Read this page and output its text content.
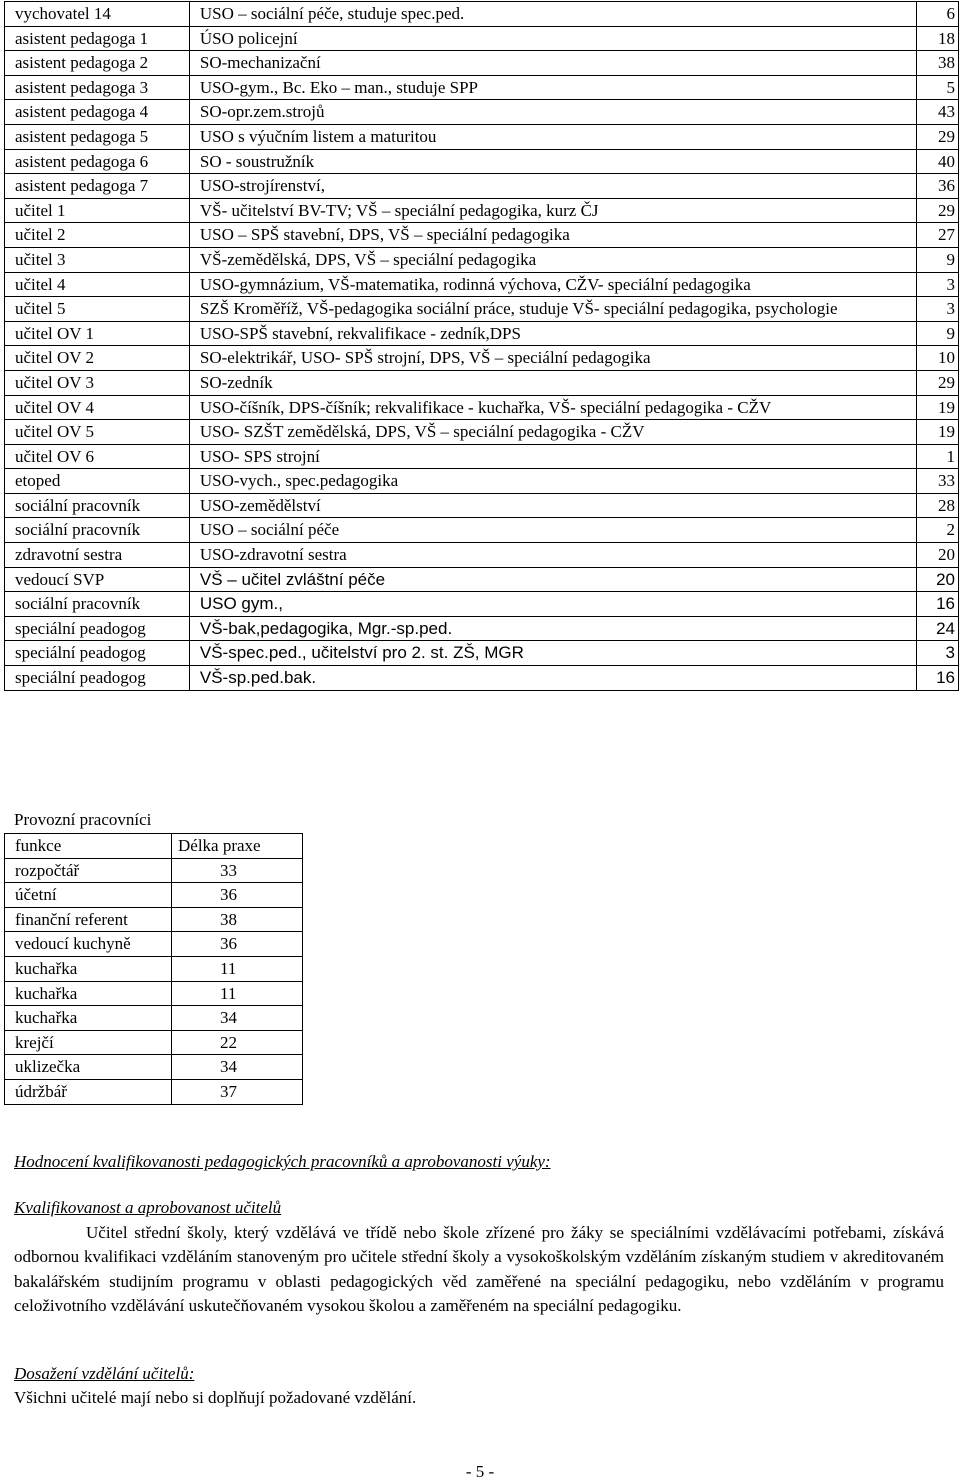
vychovatel 14	USO – sociální péče, studuje spec.ped.	6
asistent pedagoga 1	ÚSO policejní	18
asistent pedagoga 2	SO-mechanizační	38
asistent pedagoga 3	USO-gym., Bc. Eko – man., studuje SPP	5
asistent pedagoga 4	SO-opr.zem.strojů	43
asistent pedagoga 5	USO s výučním listem a maturitou	29
asistent pedagoga 6	SO - soustružník	40
asistent pedagoga 7	USO-strojírenství,	36
učitel 1	VŠ- učitelství BV-TV; VŠ – speciální pedagogika, kurz ČJ	29
učitel 2	USO – SPŠ stavební, DPS, VŠ – speciální pedagogika	27
učitel 3	VŠ-zemědělská, DPS, VŠ – speciální pedagogika	9
učitel 4	USO-gymnázium, VŠ-matematika, rodinná výchova, CŽV- speciální pedagogika	3
učitel 5	SZŠ Kroměříž, VŠ-pedagogika sociální práce, studuje VŠ- speciální pedagogika, psychologie	3
učitel OV 1	USO-SPŠ stavební, rekvalifikace - zedník,DPS	9
učitel OV 2	SO-elektrikář, USO- SPŠ strojní, DPS, VŠ – speciální pedagogika	10
učitel OV 3	SO-zedník	29
učitel OV 4	USO-číšník, DPS-číšník; rekvalifikace - kuchařka, VŠ- speciální pedagogika - CŽV	19
učitel OV 5	USO- SZŠT zemědělská, DPS, VŠ – speciální pedagogika - CŽV	19
učitel OV 6	USO- SPS strojní	1
etoped	USO-vych., spec.pedagogika	33
sociální pracovník	USO-zemědělství	28
sociální pracovník	USO – sociální péče	2
zdravotní sestra	USO-zdravotní sestra	20
vedoucí SVP	VŠ – učitel zvláštní péče	20
sociální pracovník	USO gym.,	16
speciální peadogog	VŠ-bak,pedagogika, Mgr.-sp.ped.	24
speciální peadogog	VŠ-spec.ped., učitelství pro 2. st. ZŠ, MGR	3
speciální peadogog	VŠ-sp.ped.bak.	16
Provozní pracovníci
funkce	Délka praxe
rozpočtář	33
účetní	36
finanční referent	38
vedoucí kuchyně	36
kuchařka	11
kuchařka	11
kuchařka	34
krejčí	22
uklizečka	34
údržbář	37
Hodnocení kvalifikovanosti pedagogických pracovníků a aprobovanosti výuky:
Kvalifikovanost a aprobovanost učitelů

Učitel střední školy, který vzdělává ve třídě nebo škole zřízené pro žáky se speciálními vzdělávacími potřebami, získává odbornou kvalifikaci vzděláním stanoveným pro učitele střední školy a vysokoškolským vzděláním získaným studiem v akreditovaném bakalářském studijním programu v oblasti pedagogických věd zaměřené na speciální pedagogiku, nebo vzděláním v programu celoživotního vzdělávání uskutečňovaném vysokou školou a zaměřeném na speciální pedagogiku.

Dosažení vzdělání učitelů:
Všichni učitelé mají nebo si doplňují požadované vzdělání.
- 5 -
